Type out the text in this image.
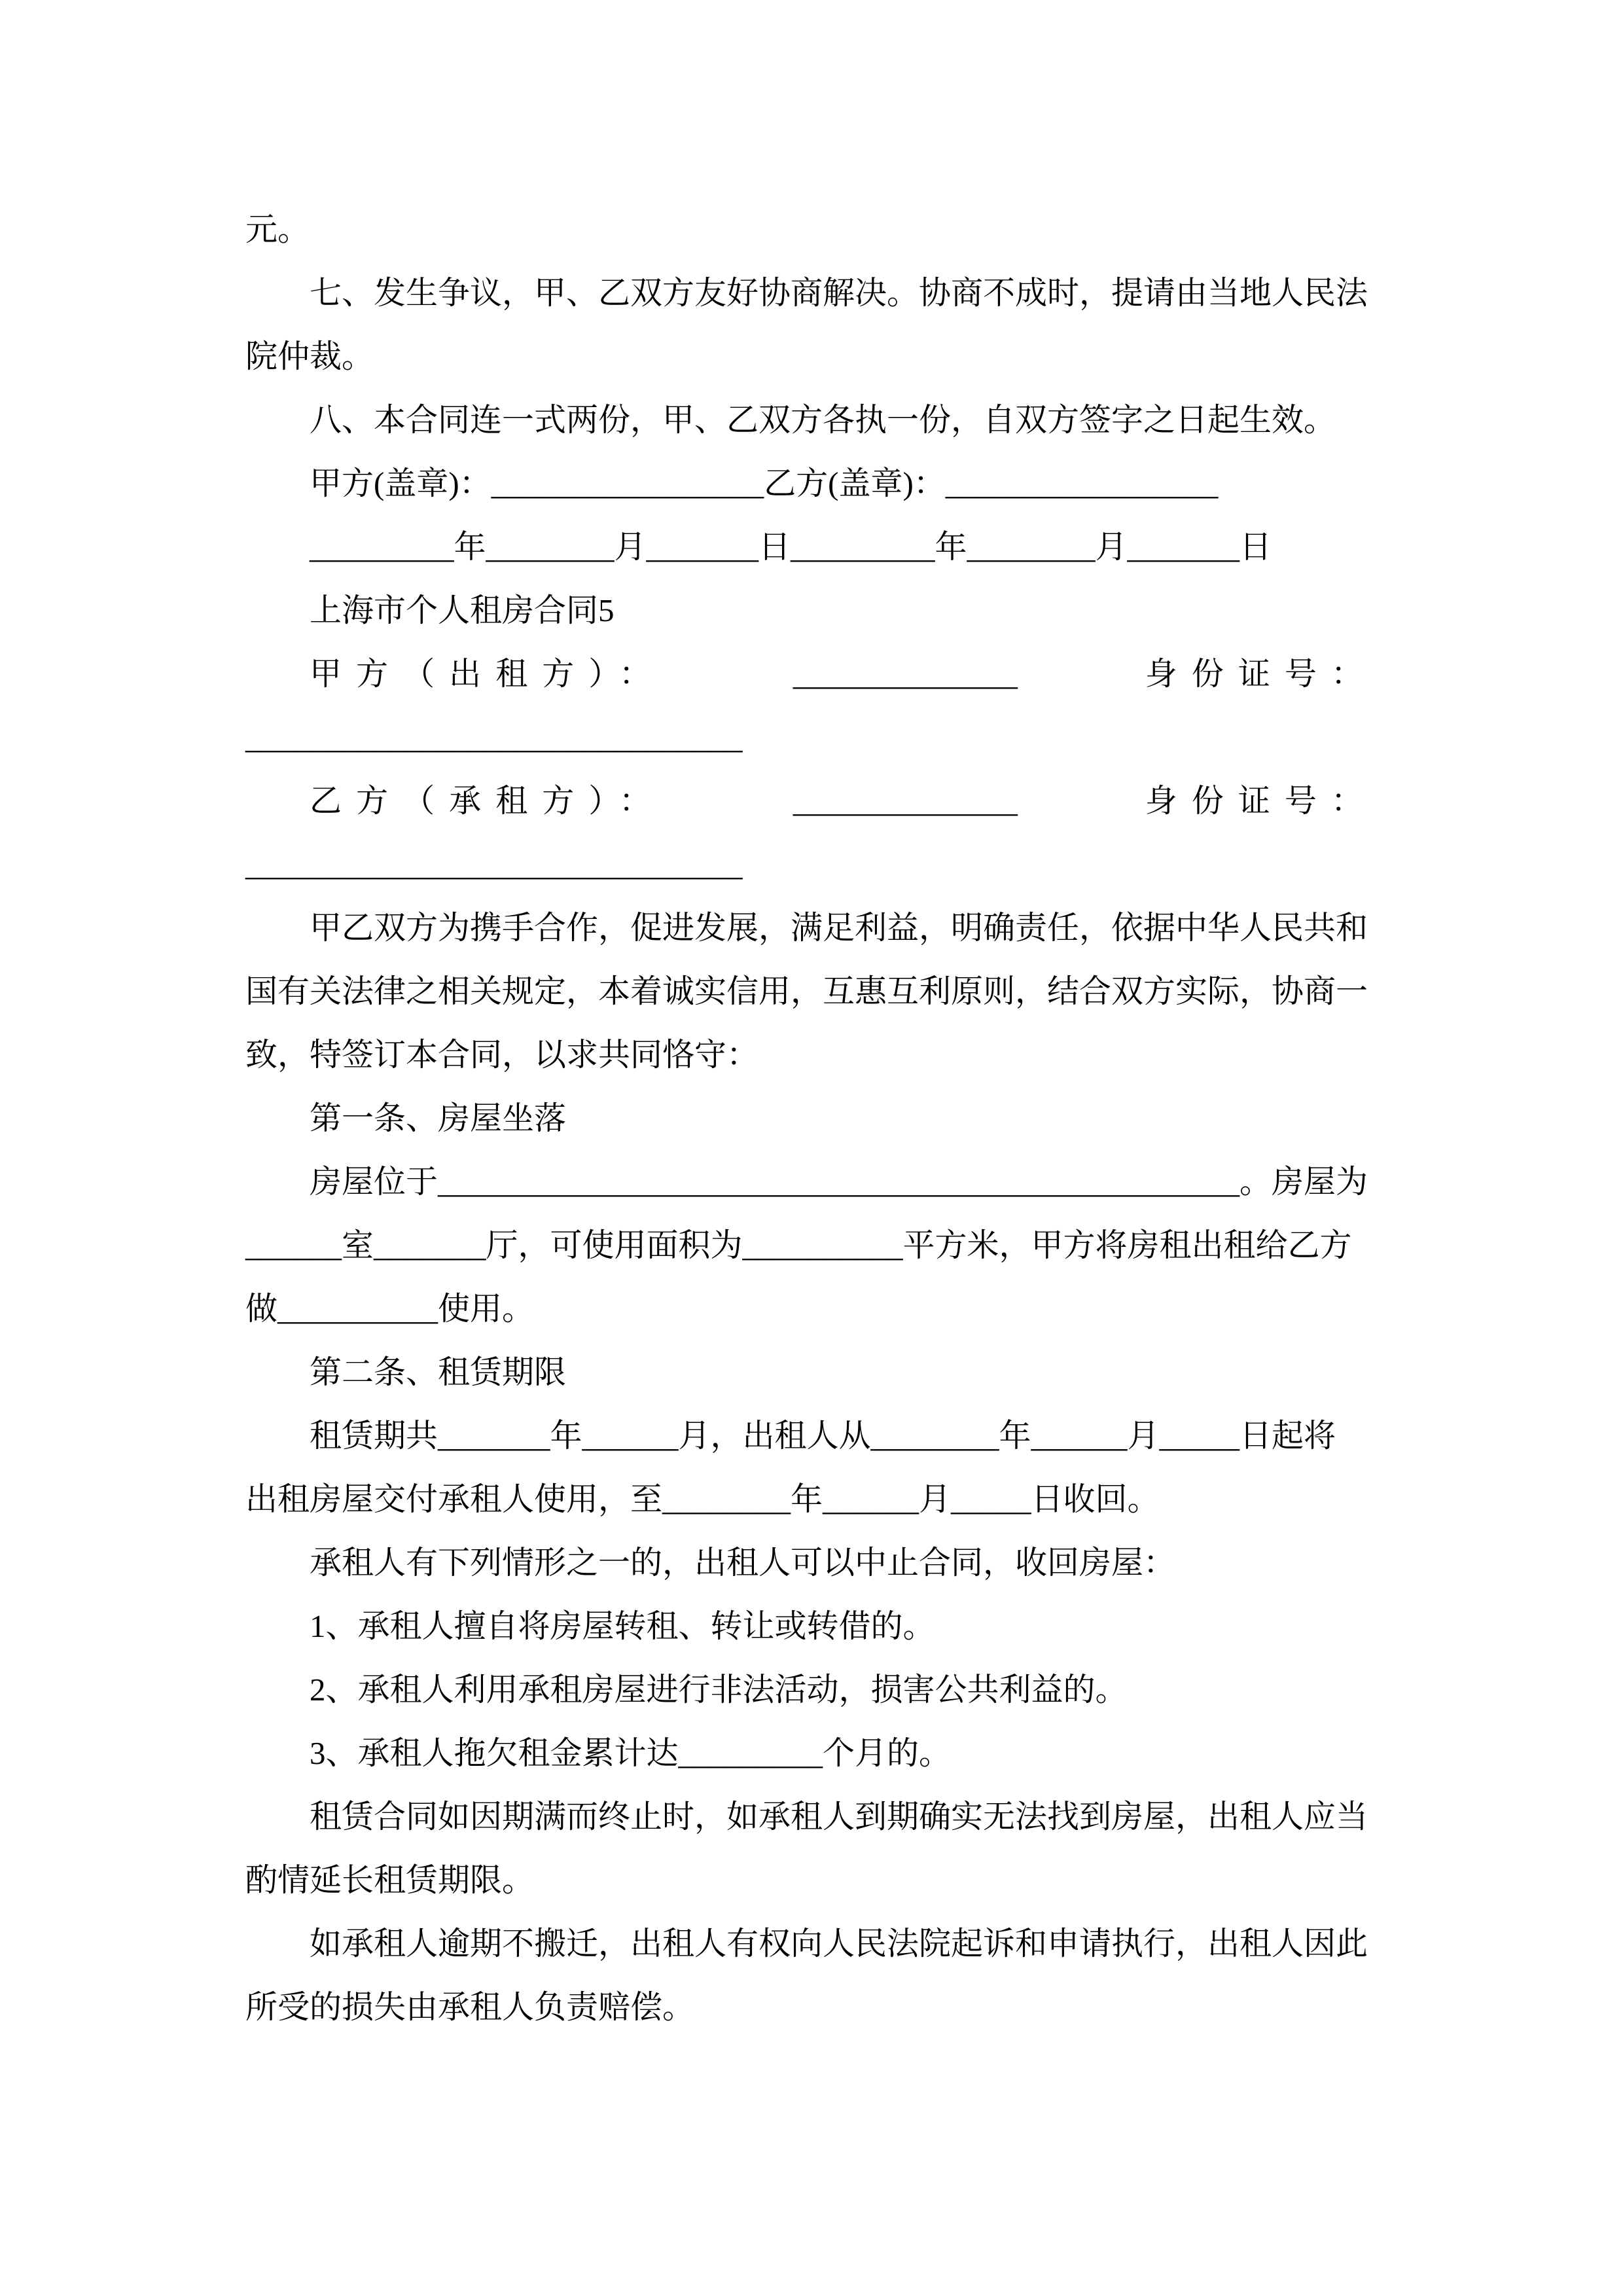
元。
七、发生争议，甲、乙双方友好协商解决。协商不成时，提请由当地人民法
院仲裁。
八、本合同连一式两份，甲、乙双方各执一份，自双方签字之日起生效。
甲方(盖章)：_________________乙方(盖章)：_________________
_________年________月_______日_________年________月_______日
上海市个人租房合同5
甲方（出租方）：	______________	身份证号：
_______________________________
乙方（承租方）：	______________	身份证号：
_______________________________
甲乙双方为携手合作，促进发展，满足利益，明确责任，依据中华人民共和
国有关法律之相关规定，本着诚实信用，互惠互利原则，结合双方实际，协商一
致，特签订本合同，以求共同恪守：
第一条、房屋坐落
房屋位于__________________________________________________。房屋为
______室_______厅，可使用面积为__________平方米，甲方将房租出租给乙方
做__________使用。
第二条、租赁期限
租赁期共_______年______月，出租人从________年______月_____日起将
出租房屋交付承租人使用，至________年______月_____日收回。
承租人有下列情形之一的，出租人可以中止合同，收回房屋：
1、承租人擅自将房屋转租、转让或转借的。
2、承租人利用承租房屋进行非法活动，损害公共利益的。
3、承租人拖欠租金累计达_________个月的。
租赁合同如因期满而终止时，如承租人到期确实无法找到房屋，出租人应当
酌情延长租赁期限。
如承租人逾期不搬迁，出租人有权向人民法院起诉和申请执行，出租人因此
所受的损失由承租人负责赔偿。
